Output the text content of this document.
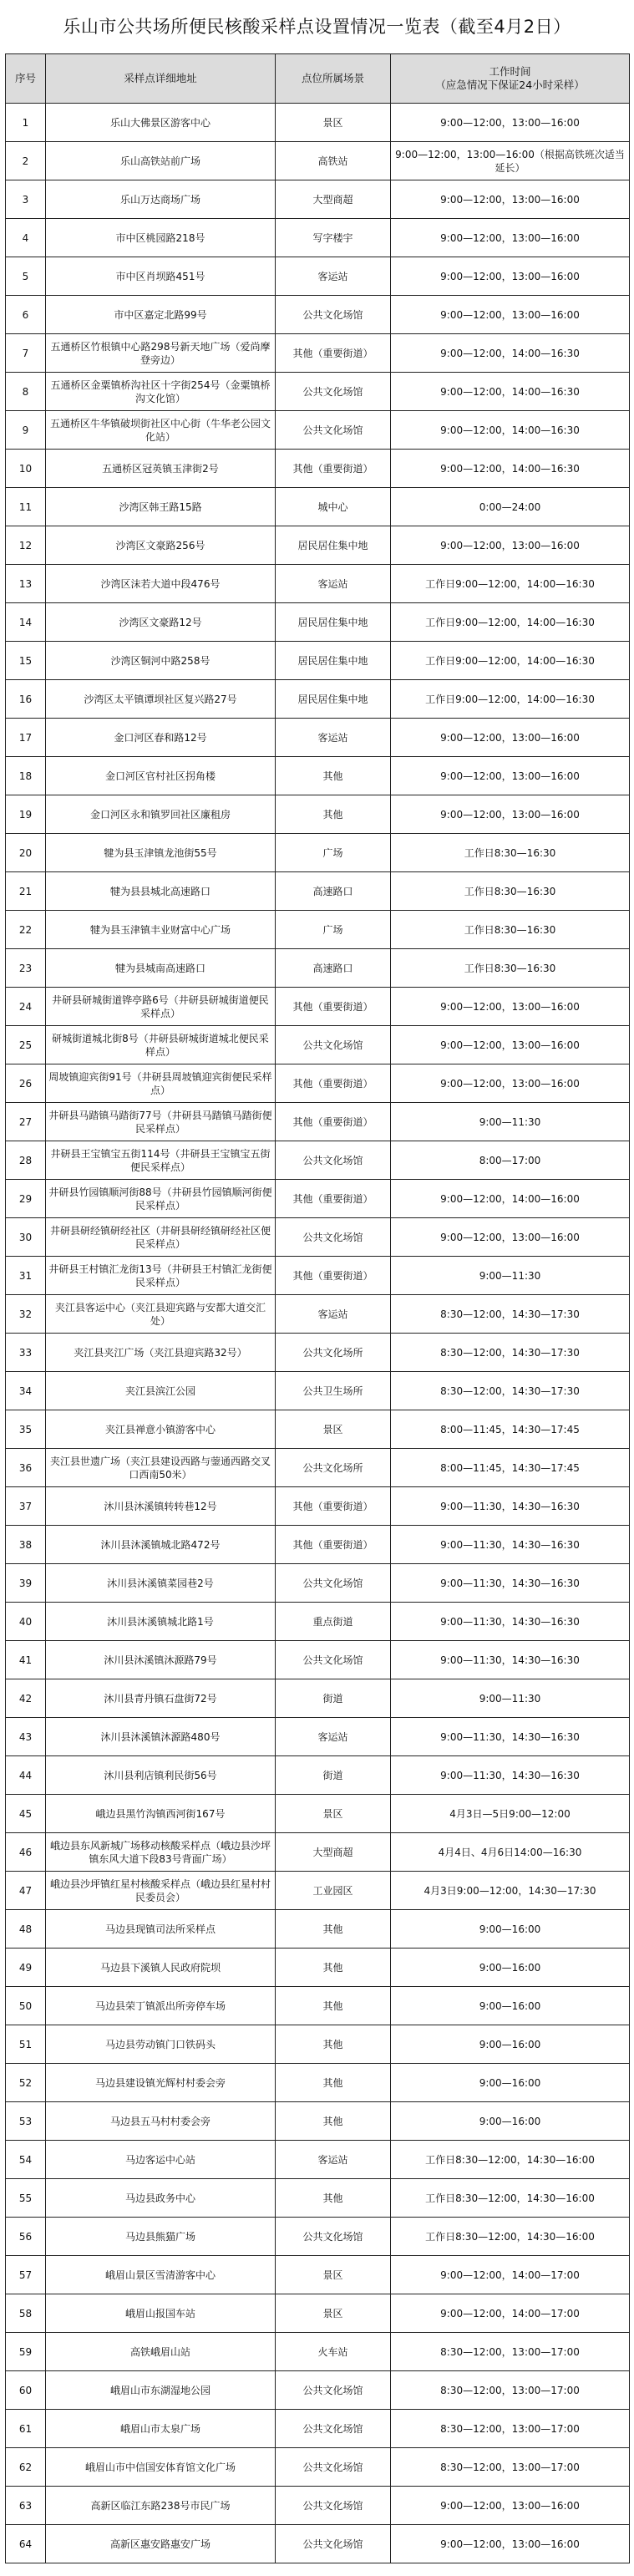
乐山市公共场所便民核酸采样点设置情况一览表（截至4月2日）
序号	采样点详细地址	点位所属场景	工作时间
（应急情况下保证24小时采样）

1	乐山大佛景区游客中心	景区	9:00—12:00，13:00—16:00
2	乐山高铁站前广场	高铁站	9:00—12:00，13:00—16:00（根据高铁班次适当延长）
3	乐山万达商场广场	大型商超	9:00—12:00，13:00—16:00
4	市中区桃园路218号	写字楼宇	9:00—12:00，13:00—16:00
5	市中区肖坝路451号	客运站	9:00—12:00，13:00—16:00
6	市中区嘉定北路99号	公共文化场馆	9:00—12:00，13:00—16:00
7	五通桥区竹根镇中心路298号新天地广场（爱尚摩登旁边）	其他（重要街道）	9:00—12:00，14:00—16:30
8	五通桥区金粟镇桥沟社区十字街254号（金粟镇桥沟文化馆）	公共文化场馆	9:00—12:00，14:00—16:30
9	五通桥区牛华镇破坝街社区中心街（牛华老公园文化站）	公共文化场馆	9:00—12:00，14:00—16:30
10	五通桥区冠英镇玉津街2号	其他（重要街道）	9:00—12:00，14:00—16:30
11	沙湾区韩王路15路	城中心	0:00—24:00
12	沙湾区文豪路256号	居民居住集中地	9:00—12:00，13:00—16:00
13	沙湾区沫若大道中段476号	客运站	工作日9:00—12:00，14:00—16:30
14	沙湾区文豪路12号	居民居住集中地	工作日9:00—12:00，14:00—16:30
15	沙湾区铜河中路258号	居民居住集中地	工作日9:00—12:00，14:00—16:30
16	沙湾区太平镇谭坝社区复兴路27号	居民居住集中地	工作日9:00—12:00，14:00—16:30
17	金口河区春和路12号	客运站	9:00—12:00，13:00—16:00
18	金口河区官村社区拐角楼	其他	9:00—12:00，13:00—16:00
19	金口河区永和镇罗回社区廉租房	其他	9:00—12:00，13:00—16:00
20	犍为县玉津镇龙池街55号	广场	工作日8:30—16:30
21	犍为县县城北高速路口	高速路口	工作日8:30—16:30
22	犍为县玉津镇丰业财富中心广场	广场	工作日8:30—16:30
23	犍为县城南高速路口	高速路口	工作日8:30—16:30
24	井研县研城街道铧亭路6号（井研县研城街道便民采样点）	其他（重要街道）	9:00—12:00，13:00—16:00
25	研城街道城北街8号（井研县研城街道城北便民采样点）	公共文化场馆	9:00—12:00，13:00—16:00
26	周坡镇迎宾街91号（井研县周坡镇迎宾街便民采样点）	其他（重要街道）	9:00—12:00，13:00—16:00
27	井研县马踏镇马踏街77号（井研县马踏镇马踏街便民采样点）	其他（重要街道）	9:00—11:30
28	井研县王宝镇宝五街114号（井研县王宝镇宝五街便民采样点）	公共文化场馆	8:00—17:00
29	井研县竹园镇顺河街88号（井研县竹园镇顺河街便民采样点）	其他（重要街道）	9:00—12:00，14:00—16:00
30	井研县研经镇研经社区（井研县研经镇研经社区便民采样点）	公共文化场馆	9:00—12:00，13:00—16:00
31	井研县王村镇汇龙街13号（井研县王村镇汇龙街便民采样点）	其他（重要街道）	9:00—11:30
32	夹江县客运中心（夹江县迎宾路与安都大道交汇处）	客运站	8:30—12:00，14:30—17:30
33	夹江县夹江广场（夹江县迎宾路32号）	公共文化场所	8:30—12:00，14:30—17:30
34	夹江县滨江公园	公共卫生场所	8:30—12:00，14:30—17:30
35	夹江县禅意小镇游客中心	景区	8:00—11:45，14:30—17:45
36	夹江县世遗广场（夹江县建设西路与蓥通西路交叉口西南50米）	公共文化场所	8:00—11:45，14:30—17:45
37	沐川县沐溪镇转转巷12号	其他（重要街道）	9:00—11:30，14:30—16:30
38	沐川县沐溪镇城北路472号	其他（重要街道）	9:00—11:30，14:30—16:30
39	沐川县沐溪镇菜园巷2号	公共文化场馆	9:00—11:30，14:30—16:30
40	沐川县沐溪镇城北路1号	重点街道	9:00—11:30，14:30—16:30
41	沐川县沐溪镇沐源路79号	公共文化场馆	9:00—11:30，14:30—16:30
42	沐川县青丹镇石盘街72号	街道	9:00—11:30
43	沐川县沐溪镇沐源路480号	客运站	9:00—11:30，14:30—16:30
44	沐川县利店镇利民街56号	街道	9:00—11:30，14:30—16:30
45	峨边县黑竹沟镇西河街167号	景区	4月3日—5日9:00—12:00
46	峨边县东风新城广场移动核酸采样点（峨边县沙坪镇东风大道下段83号背面广场）	大型商超	4月4日、4月6日14:00—16:30
47	峨边县沙坪镇红星村核酸采样点（峨边县红星村村民委员会）	工业园区	4月3日9:00—12:00，14:30—17:30
48	马边县现镇司法所采样点	其他	9:00—16:00
49	马边县下溪镇人民政府院坝	其他	9:00—16:00
50	马边县荣丁镇派出所旁停车场	其他	9:00—16:00
51	马边县劳动镇门口铁码头	其他	9:00—16:00
52	马边县建设镇光辉村村委会旁	其他	9:00—16:00
53	马边县五马村村委会旁	其他	9:00—16:00
54	马边客运中心站	客运站	工作日8:30—12:00，14:30—16:00
55	马边县政务中心	其他	工作日8:30—12:00，14:30—16:00
56	马边县熊猫广场	公共文化场馆	工作日8:30—12:00，14:30—16:00
57	峨眉山景区雪清游客中心	景区	9:00—12:00，14:00—17:00
58	峨眉山报国车站	景区	9:00—12:00，14:00—17:00
59	高铁峨眉山站	火车站	8:30—12:00，13:00—17:00
60	峨眉山市东湖湿地公园	公共文化场馆	8:30—12:00，13:00—17:00
61	峨眉山市太泉广场	公共文化场馆	8:30—12:00，13:00—17:00
62	峨眉山市中信国安体育馆文化广场	公共文化场馆	8:30—12:00，13:00—17:00
63	高新区临江东路238号市民广场	公共文化场馆	9:00—12:00，13:00—16:00
64	高新区惠安路惠安广场	公共文化场馆	9:00—12:00，13:00—16:00
